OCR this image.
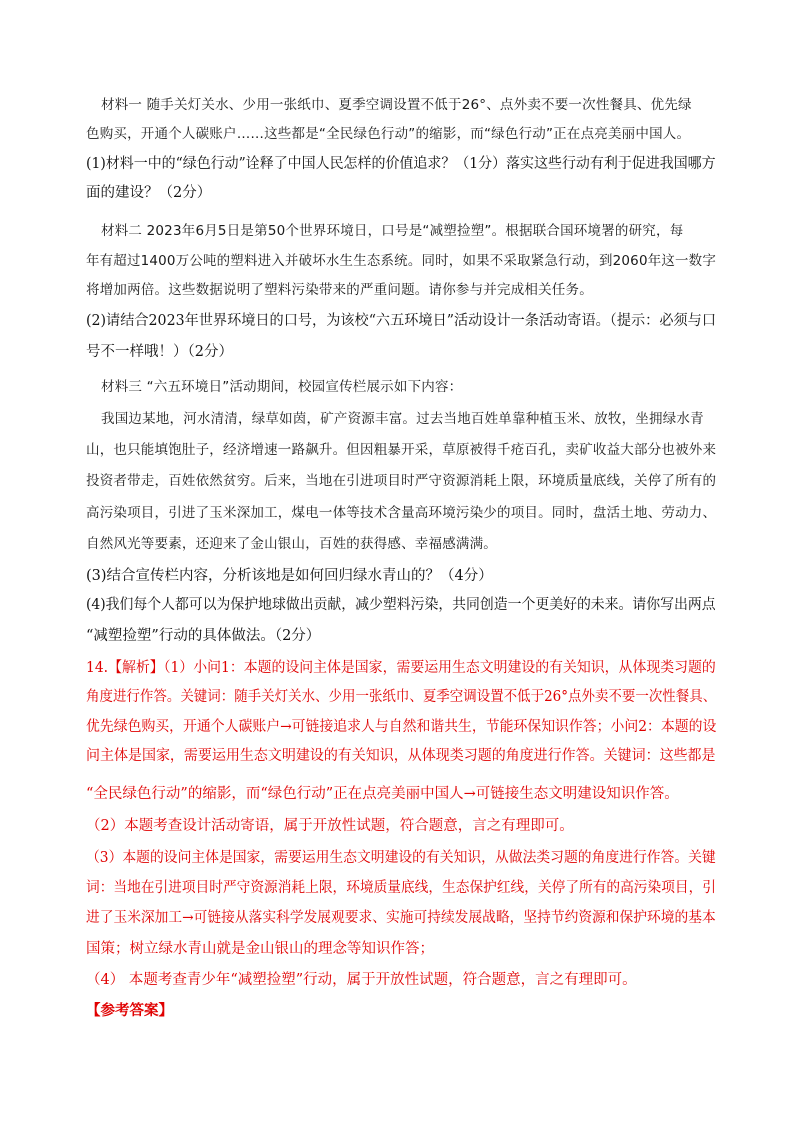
材料一 随手关灯关水、少用一张纸巾、夏季空调设置不低于26°、点外卖不要一次性餐具、优先绿

色购买，开通个人碳账户……这些都是“全民绿色行动”的缩影，而“绿色行动”正在点亮美丽中国人。

(1)材料一中的“绿色行动”诠释了中国人民怎样的价值追求？（1分）落实这些行动有利于促进我国哪方

面的建设？（2分）

材料二 2023年6月5日是第50个世界环境日，口号是“减塑捡塑”。根据联合国环境署的研究，每

年有超过1400万公吨的塑料进入并破坏水生生态系统。同时，如果不采取紧急行动，到2060年这一数字

将增加两倍。这些数据说明了塑料污染带来的严重问题。请你参与并完成相关任务。

(2)请结合2023年世界环境日的口号，为该校“六五环境日”活动设计一条活动寄语。（提示：必须与口

号不一样哦！）（2分）

材料三 “六五环境日”活动期间，校园宣传栏展示如下内容：

我国边某地，河水清清，绿草如茵，矿产资源丰富。过去当地百姓单靠种植玉米、放牧，坐拥绿水青

山，也只能填饱肚子，经济增速一路飙升。但因粗暴开采，草原被得千疮百孔，卖矿收益大部分也被外来

投资者带走，百姓依然贫穷。后来，当地在引进项目时严守资源消耗上限，环境质量底线，关停了所有的

高污染项目，引进了玉米深加工，煤电一体等技术含量高环境污染少的项目。同时，盘活土地、劳动力、

自然风光等要素，还迎来了金山银山，百姓的获得感、幸福感满满。

(3)结合宣传栏内容，分析该地是如何回归绿水青山的？（4分）

(4)我们每个人都可以为保护地球做出贡献，减少塑料污染，共同创造一个更美好的未来。请你写出两点

“减塑捡塑”行动的具体做法。（2分）

14.【解析】（1）小问1：本题的设问主体是国家，需要运用生态文明建设的有关知识，从体现类习题的

角度进行作答。关键词：随手关灯关水、少用一张纸巾、夏季空调设置不低于26°点外卖不要一次性餐具、

优先绿色购买，开通个人碳账户→可链接追求人与自然和谐共生，节能环保知识作答；小问2：本题的设

问主体是国家，需要运用生态文明建设的有关知识，从体现类习题的角度进行作答。关键词：这些都是

“全民绿色行动”的缩影，而“绿色行动”正在点亮美丽中国人→可链接生态文明建设知识作答。

（2）本题考查设计活动寄语，属于开放性试题，符合题意，言之有理即可。

（3）本题的设问主体是国家，需要运用生态文明建设的有关知识，从做法类习题的角度进行作答。关键

词：当地在引进项目时严守资源消耗上限，环境质量底线，生态保护红线，关停了所有的高污染项目，引

进了玉米深加工→可链接从落实科学发展观要求、实施可持续发展战略，坚持节约资源和保护环境的基本

国策；树立绿水青山就是金山银山的理念等知识作答；

（4） 本题考查青少年“减塑捡塑”行动，属于开放性试题，符合题意，言之有理即可。

【参考答案】
